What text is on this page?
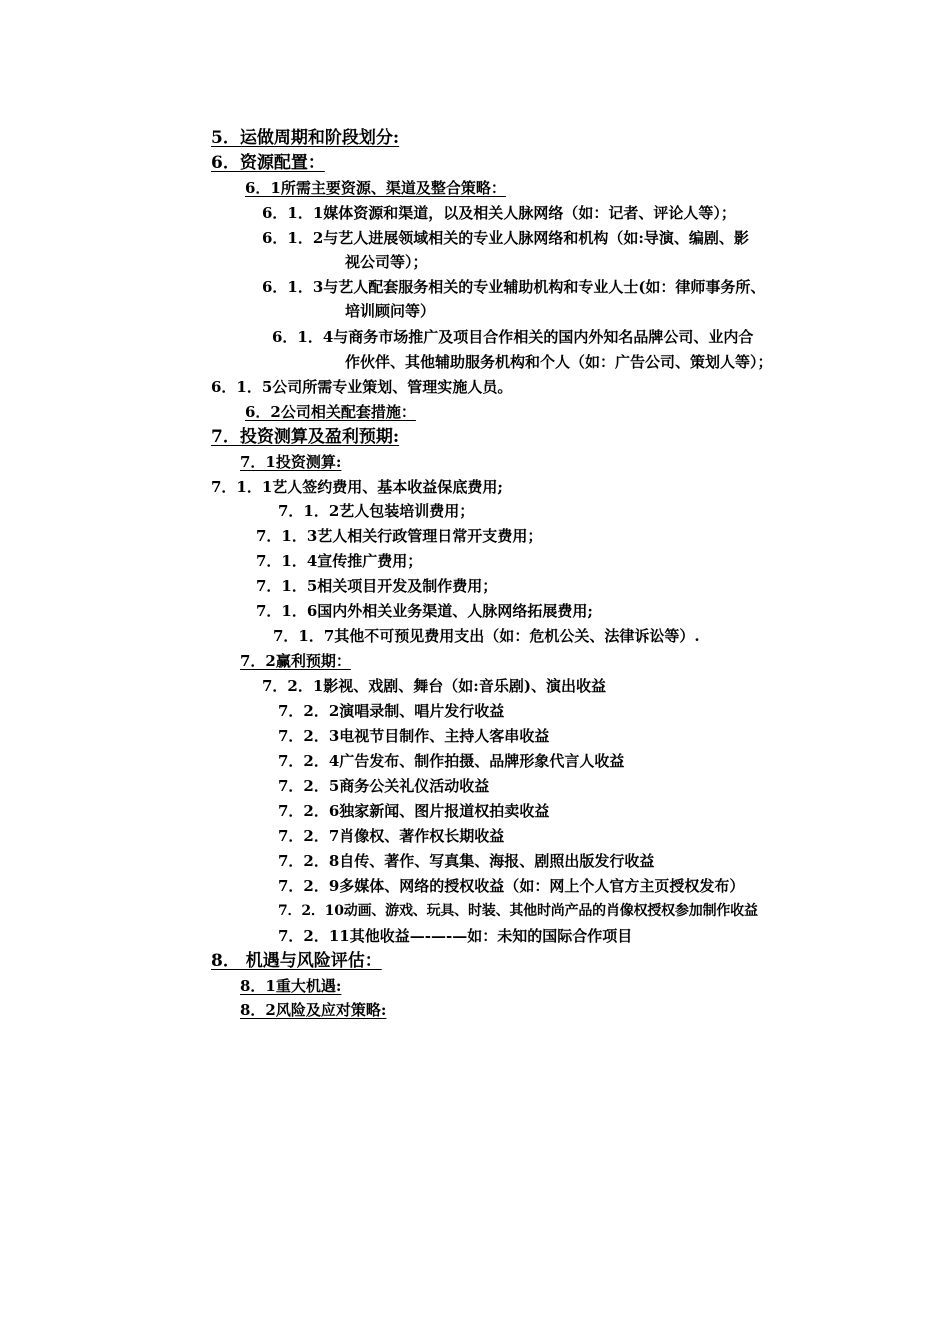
5．运做周期和阶段划分:
6．资源配置：
6．1所需主要资源、渠道及整合策略：
6．1．1媒体资源和渠道，以及相关人脉网络（如：记者、评论人等）；
6．1．2与艺人进展领域相关的专业人脉网络和机构（如:导演、编剧、影
视公司等）；
6．1．3与艺人配套服务相关的专业辅助机构和专业人士(如：律师事务所、
培训顾问等）
6．1．4与商务市场推广及项目合作相关的国内外知名品牌公司、业内合
作伙伴、其他辅助服务机构和个人（如：广告公司、策划人等）；
6．1．5公司所需专业策划、管理实施人员。
6．2公司相关配套措施：
7．投资测算及盈利预期:
7．1投资测算:
7．1．1艺人签约费用、基本收益保底费用;
7．1．2艺人包装培训费用；
7．1．3艺人相关行政管理日常开支费用；
7．1．4宣传推广费用；
7．1．5相关项目开发及制作费用；
7．1．6国内外相关业务渠道、人脉网络拓展费用;
7．1．7其他不可预见费用支出（如：危机公关、法律诉讼等）.
7．2赢利预期：
7．2．1影视、戏剧、舞台（如:音乐剧)、演出收益
7．2．2演唱录制、唱片发行收益
7．2．3电视节目制作、主持人客串收益
7．2．4广告发布、制作拍摄、品牌形象代言人收益
7．2．5商务公关礼仪活动收益
7．2．6独家新闻、图片报道权拍卖收益
7．2．7肖像权、著作权长期收益
7．2．8自传、著作、写真集、海报、剧照出版发行收益
7．2．9多媒体、网络的授权收益（如：网上个人官方主页授权发布）
7．2．10动画、游戏、玩具、时装、其他时尚产品的肖像权授权参加制作收益
7．2．11其他收益—-—-—如：未知的国际合作项目
8． 机遇与风险评估：
8．1重大机遇:
8．2风险及应对策略:
